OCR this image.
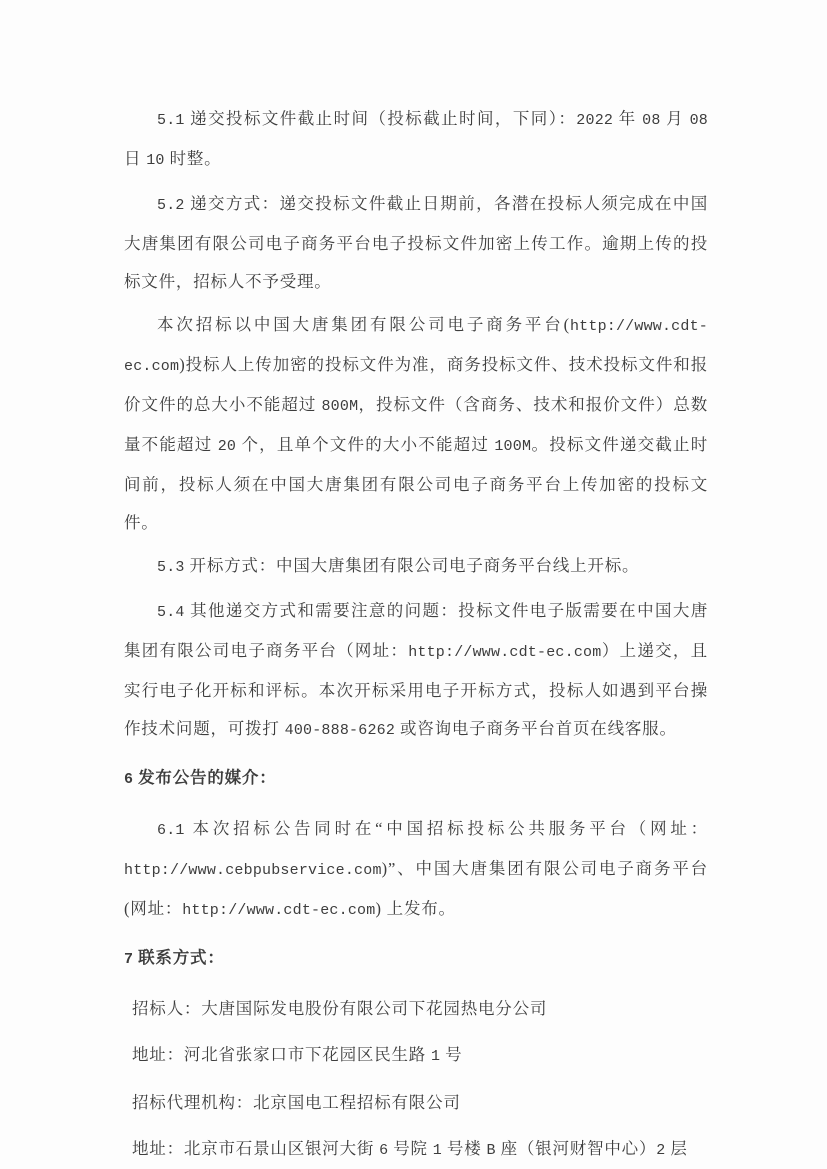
5.1 递交投标文件截止时间（投标截止时间，下同）：2022 年 08 月 08 日 10 时整。

5.2 递交方式：递交投标文件截止日期前，各潜在投标人须完成在中国大唐集团有限公司电子商务平台电子投标文件加密上传工作。逾期上传的投标文件，招标人不予受理。

本次招标以中国大唐集团有限公司电子商务平台(http://www.cdt-ec.com)投标人上传加密的投标文件为准，商务投标文件、技术投标文件和报价文件的总大小不能超过 800M，投标文件（含商务、技术和报价文件）总数量不能超过 20 个，且单个文件的大小不能超过 100M。投标文件递交截止时间前，投标人须在中国大唐集团有限公司电子商务平台上传加密的投标文件。

5.3 开标方式：中国大唐集团有限公司电子商务平台线上开标。

5.4 其他递交方式和需要注意的问题：投标文件电子版需要在中国大唐集团有限公司电子商务平台（网址：http://www.cdt-ec.com）上递交，且实行电子化开标和评标。本次开标采用电子开标方式，投标人如遇到平台操作技术问题，可拨打 400-888-6262 或咨询电子商务平台首页在线客服。

6 发布公告的媒介：

6.1 本次招标公告同时在“中国招标投标公共服务平台（网址：http://www.cebpubservice.com)”、中国大唐集团有限公司电子商务平台(网址：http://www.cdt-ec.com) 上发布。

7 联系方式：

招标人：大唐国际发电股份有限公司下花园热电分公司

地址：河北省张家口市下花园区民生路 1 号

招标代理机构：北京国电工程招标有限公司

地址：北京市石景山区银河大街 6 号院 1 号楼 B 座（银河财智中心）2 层
